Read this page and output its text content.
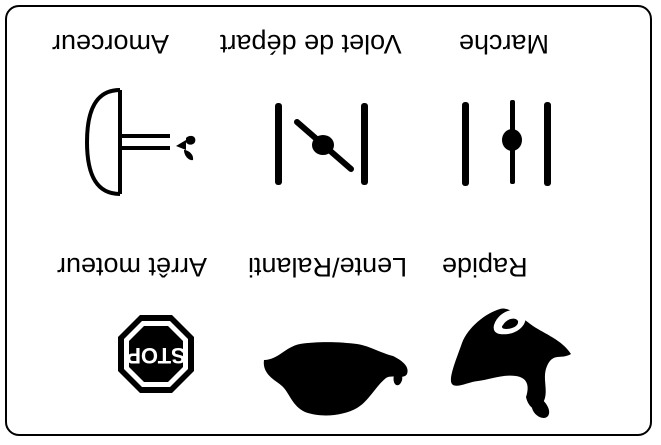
Rapide
Lente/Ralanti
Arrêt moteur
Marche
Volet de départ
Amorceur
STOP
